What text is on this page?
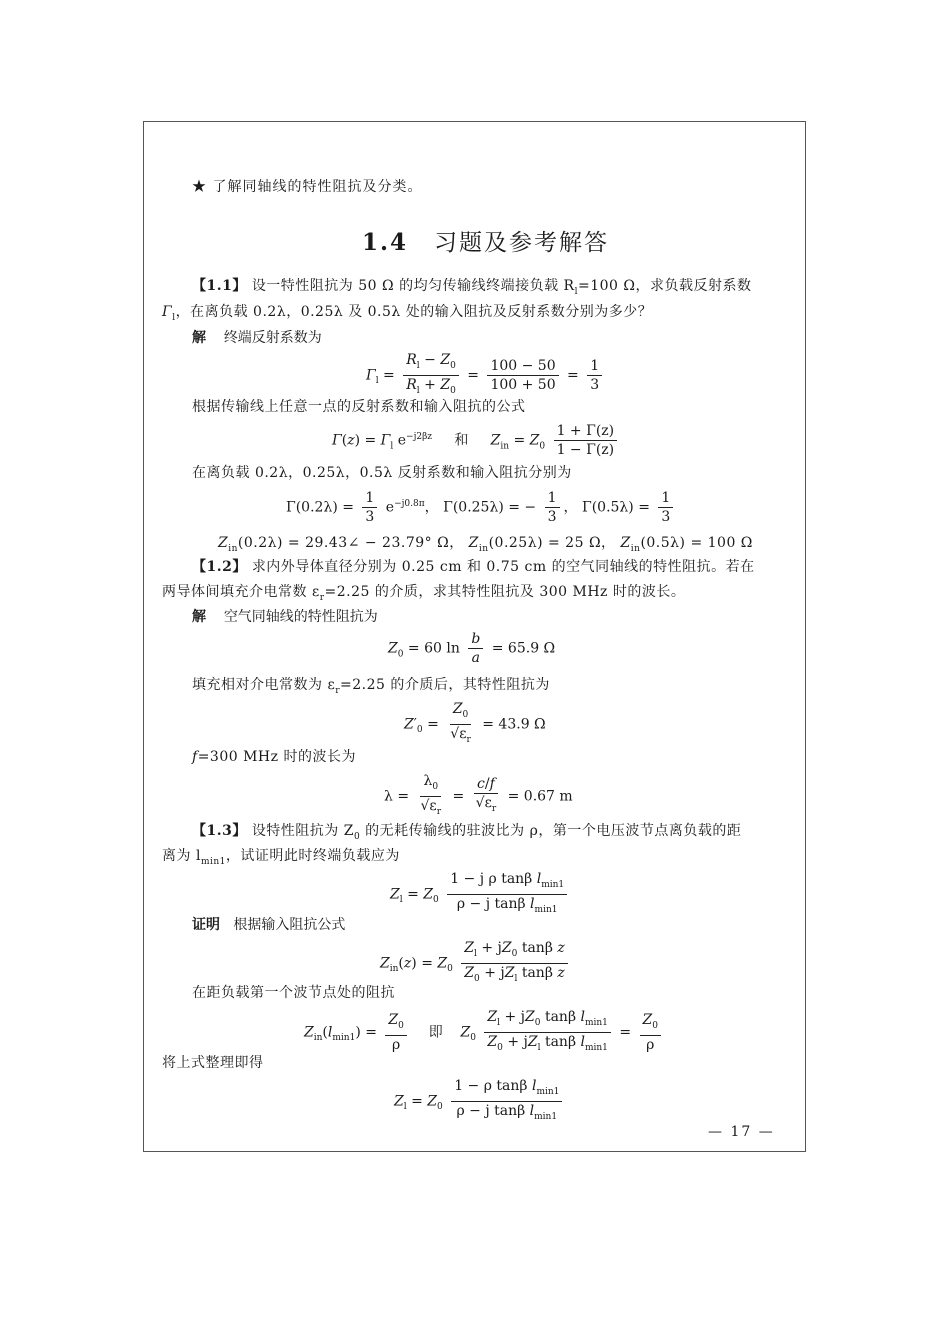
★ 了解同轴线的特性阻抗及分类。
1.4 习题及参考解答
【1.1】 设一特性阻抗为 50 Ω 的均匀传输线终端接负载 $R_l=100$ Ω，求负载反射系数
$\Gamma_l$，在离负载 0.2λ，0.25λ 及 0.5λ 处的输入阻抗及反射系数分别为多少？
解 终端反射系数为
$\Gamma_l = \frac{R_l - Z_0}{R_l + Z_0} = \frac{100 - 50}{100 + 50} = \frac{1}{3}$
根据传输线上任意一点的反射系数和输入阻抗的公式
$\Gamma(z) = \Gamma_l$ $e^{-j2\beta z}$ 和 $Z_{in} = Z_0 \frac{1 + \Gamma(z)}{1 - \Gamma(z)}$
在离负载 0.2λ，0.25λ，0.5λ 反射系数和输入阻抗分别为
$\Gamma(0.2\lambda) = \frac{1}{3} e^{-j0.8\pi}$， Γ(0.25λ) = − $\frac{1}{3}$ ， $\Gamma(0.5\lambda) = \frac{1}{3}$
$Z_{in}(0.2\lambda)$ = 29.43∠ − 23.79° Ω， $Z_{in}(0.25\lambda) = 25$ Ω， $Z_{in}(0.5\lambda) = 100$ Ω
【1.2】 求内外导体直径分别为 0.25 cm 和 0.75 cm 的空气同轴线的特性阻抗。若在
两导体间填充介电常数 $\varepsilon_r=2.25$ 的介质，求其特性阻抗及 300 MHz 时的波长。
解 空气同轴线的特性阻抗为
$Z_0 = 60$ $\ln \frac{b}{a} = 65.9$ Ω
填充相对介电常数为 $\varepsilon_r=2.25$ 的介质后，其特性阻抗为
$Z'_0 = \frac{Z_0}{√\varepsilon_r} = 43.9$ Ω
f=300 MHz 时的波长为
$\lambda = \frac{\lambda_0}{√\varepsilon_r} = \frac{c/f}{√\varepsilon_r} = 0.67$ m
【1.3】 设特性阻抗为 $Z_0$ 的无耗传输线的驻波比为 ρ，第一个电压波节点离负载的距
离为 $l_{min1}$，试证明此时终端负载应为
$Z_l = Z_0 \frac{1 - j \rho \tan\beta l_{min1}}{\rho - j \tan\beta l_{min1}}$
证明 根据输入阻抗公式
$Z_{in}(z) = Z_0 \frac{Z_l + jZ_0 \tan\beta z}{Z_0 + jZ_l \tan\beta z}$
在距负载第一个波节点处的阻抗
$Z_{in}(l_{min1}) = \frac{Z_0}{\rho}$ 即 $Z_0 \frac{Z_l + jZ_0 \tan\beta l_{min1}}{Z_0 + jZ_l \tan\beta l_{min1}} = \frac{Z_0}{\rho}$
将上式整理即得
$Z_l = Z_0 \frac{1 - \rho \tan\beta l_{min1}}{\rho - j \tan\beta l_{min1}}$
— 17 —
